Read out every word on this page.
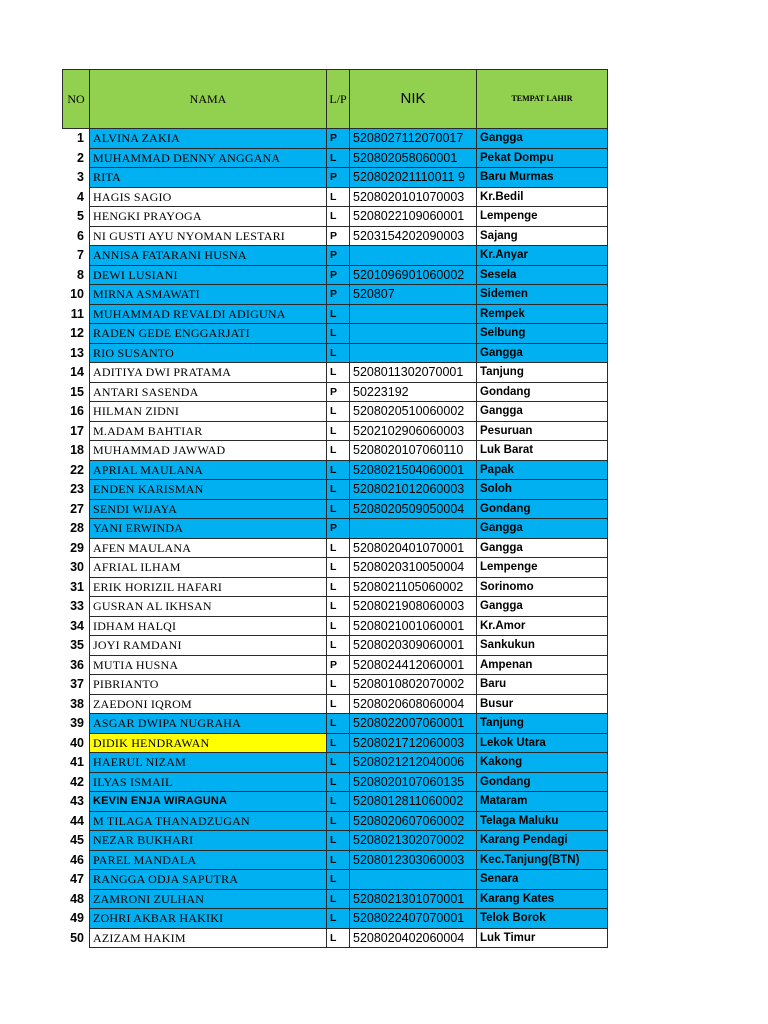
NO	NAMA	L/P	NIK	TEMPAT LAHIR
1	ALVINA ZAKIA	P	5208027112070017	Gangga
2	MUHAMMAD DENNY ANGGANA	L	520802058060001	Pekat Dompu
3	RITA	P	520802021110011 9	Baru Murmas
4	HAGIS SAGIO	L	5208020101070003	Kr.Bedil
5	HENGKI PRAYOGA	L	5208022109060001	Lempenge
6	NI GUSTI AYU NYOMAN LESTARI	P	5203154202090003	Sajang
7	ANNISA FATARANI HUSNA	P		Kr.Anyar
8	DEWI LUSIANI	P	5201096901060002	Sesela
10	MIRNA ASMAWATI	P	520807	Sidemen
11	MUHAMMAD REVALDI ADIGUNA	L		Rempek
12	RADEN GEDE ENGGARJATI	L		Selbung
13	RIO SUSANTO	L		Gangga
14	ADITIYA DWI PRATAMA	L	5208011302070001	Tanjung
15	ANTARI SASENDA	P	50223192	Gondang
16	HILMAN ZIDNI	L	5208020510060002	Gangga
17	M.ADAM BAHTIAR	L	5202102906060003	Pesuruan
18	MUHAMMAD JAWWAD	L	5208020107060110	Luk Barat
22	APRIAL MAULANA	L	5208021504060001	Papak
23	ENDEN KARISMAN	L	5208021012060003	Soloh
27	SENDI WIJAYA	L	5208020509050004	Gondang
28	YANI ERWINDA	P		Gangga
29	AFEN MAULANA	L	5208020401070001	Gangga
30	AFRIAL ILHAM	L	5208020310050004	Lempenge
31	ERIK HORIZIL HAFARI	L	5208021105060002	Sorinomo
33	GUSRAN AL IKHSAN	L	5208021908060003	Gangga
34	IDHAM HALQI	L	5208021001060001	Kr.Amor
35	JOYI RAMDANI	L	5208020309060001	Sankukun
36	MUTIA HUSNA	P	5208024412060001	Ampenan
37	PIBRIANTO	L	5208010802070002	Baru
38	ZAEDONI IQROM	L	5208020608060004	Busur
39	ASGAR DWIPA NUGRAHA	L	5208022007060001	Tanjung
40	DIDIK HENDRAWAN	L	5208021712060003	Lekok Utara
41	HAERUL NIZAM	L	5208021212040006	Kakong
42	ILYAS ISMAIL	L	5208020107060135	Gondang
43	KEVIN ENJA WIRAGUNA	L	5208012811060002	Mataram
44	M TILAGA THANADZUGAN	L	5208020607060002	Telaga Maluku
45	NEZAR BUKHARI	L	5208021302070002	Karang Pendagi
46	PAREL MANDALA	L	5208012303060003	Kec.Tanjung(BTN)
47	RANGGA ODJA SAPUTRA	L		Senara
48	ZAMRONI ZULHAN	L	5208021301070001	Karang Kates
49	ZOHRI AKBAR HAKIKI	L	5208022407070001	Telok Borok
50	AZIZAM HAKIM	L	5208020402060004	Luk Timur
